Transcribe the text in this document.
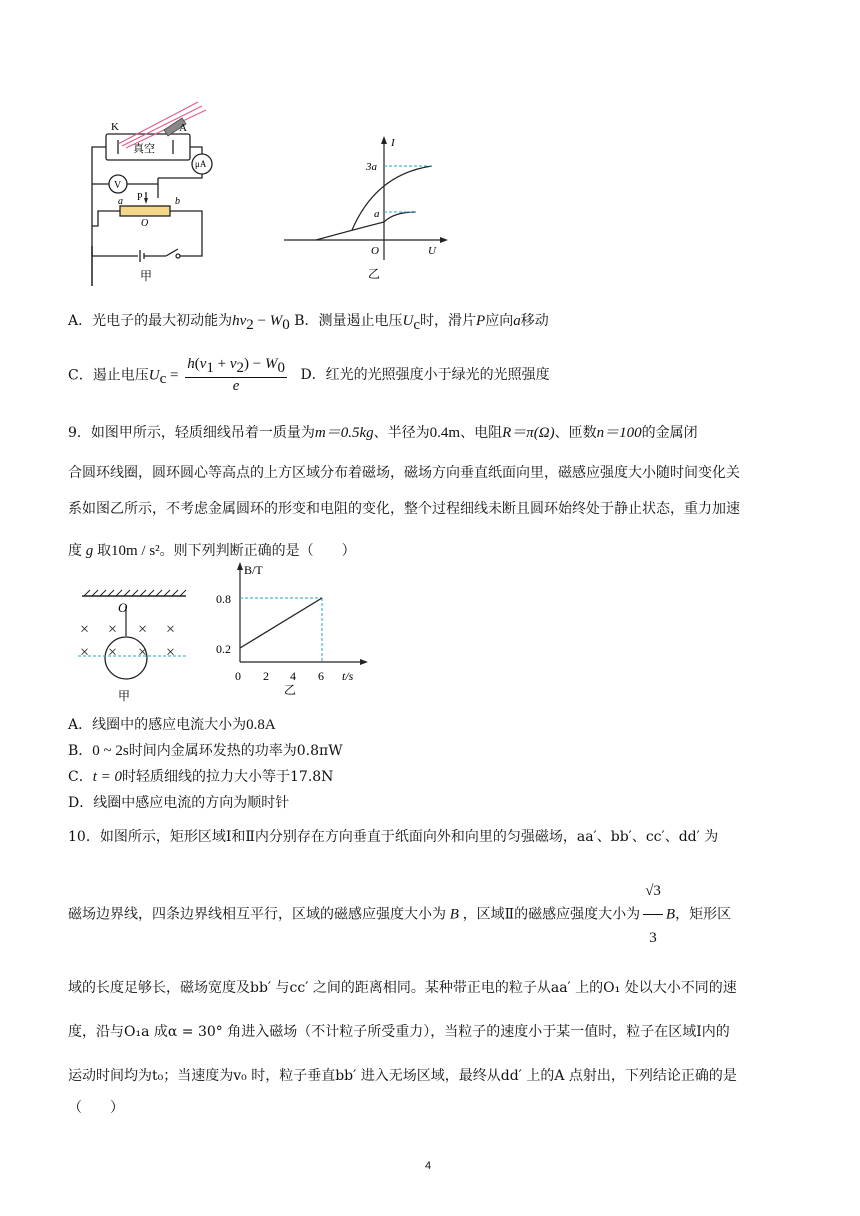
K	A
真空
μA
V
P
a	b
O
甲
I
U
O
3a
a
乙
A．光电子的最大初动能为$hv_2 - W_0$ B．测量遏止电压$U_c$时，滑片P应向a移动
C．遏止电压$U_c = \frac{h(v_1 + v_2) - W_0}{e}$ D．红光的光照强度小于绿光的光照强度
9．如图甲所示，轻质细线吊着一质量为m＝0.5kg、半径为0.4m、电阻R＝π(Ω)、匝数n＝100的金属闭
合圆环线圈，圆环圆心等高点的上方区域分布着磁场，磁场方向垂直纸面向里，磁感应强度大小随时间变化关
系如图乙所示，不考虑金属圆环的形变和电阻的变化，整个过程细线未断且圆环始终处于静止状态，重力加速
度 g 取10m / s²。则下列判断正确的是（　　）
× × × ×
× × × ×
O
甲
B/T
t/s
0 2 4 6
0.2
0.8
乙
A．线圈中的感应电流大小为0.8A
B．0 ~ 2s时间内金属环发热的功率为0.8πW
C．t = 0时轻质细线的拉力大小等于17.8N
D．线圈中感应电流的方向为顺时针
10．如图所示，矩形区域Ⅰ和Ⅱ内分别存在方向垂直于纸面向外和向里的匀强磁场，aa′、bb′、cc′、dd′ 为
磁场边界线，四条边界线相互平行，区域的磁感应强度大小为 B ，区域Ⅱ的磁感应强度大小为 $\frac{√3}{3}$ B，矩形区
域的长度足够长，磁场宽度及bb′ 与cc′ 之间的距离相同。某种带正电的粒子从aa′ 上的O₁ 处以大小不同的速
度，沿与O₁a 成α = 30° 角进入磁场（不计粒子所受重力），当粒子的速度小于某一值时，粒子在区域Ⅰ内的
运动时间均为t₀；当速度为v₀ 时，粒子垂直bb′ 进入无场区域，最终从dd′ 上的A 点射出，下列结论正确的是
（　　）
4
